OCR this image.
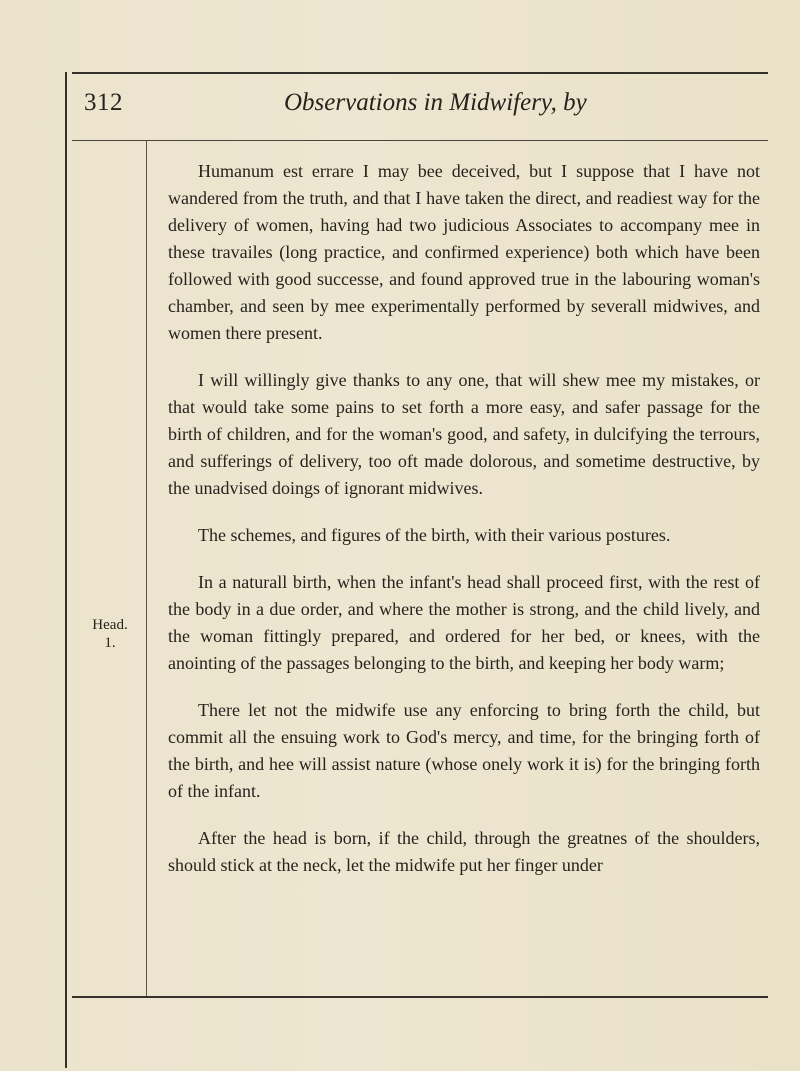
312	Observations in Midwifery, by
Head.
1.

Humanum est errare I may bee deceived, but I suppose that I have not wandered from the truth, and that I have taken the direct, and readiest way for the delivery of women, having had two judicious Associates to accompany mee in these travailes (long practice, and confirmed experience) both which have been followed with good successe, and found approved true in the labouring woman's chamber, and seen by mee experimentally performed by severall midwives, and women there present.

I will willingly give thanks to any one, that will shew mee my mistakes, or that would take some pains to set forth a more easy, and safer passage for the birth of children, and for the woman's good, and safety, in dulcifying the terrours, and sufferings of delivery, too oft made dolorous, and sometime destructive, by the unadvised doings of ignorant midwives.

The schemes, and figures of the birth, with their various postures.

In a naturall birth, when the infant's head shall proceed first, with the rest of the body in a due order, and where the mother is strong, and the child lively, and the woman fittingly prepared, and ordered for her bed, or knees, with the anointing of the passages belonging to the birth, and keeping her body warm;

There let not the midwife use any enforcing to bring forth the child, but commit all the ensuing work to God's mercy, and time, for the bringing forth of the birth, and hee will assist nature (whose onely work it is) for the bringing forth of the infant.

After the head is born, if the child, through the greatnes of the shoulders, should stick at the neck, let the midwife put her finger under
